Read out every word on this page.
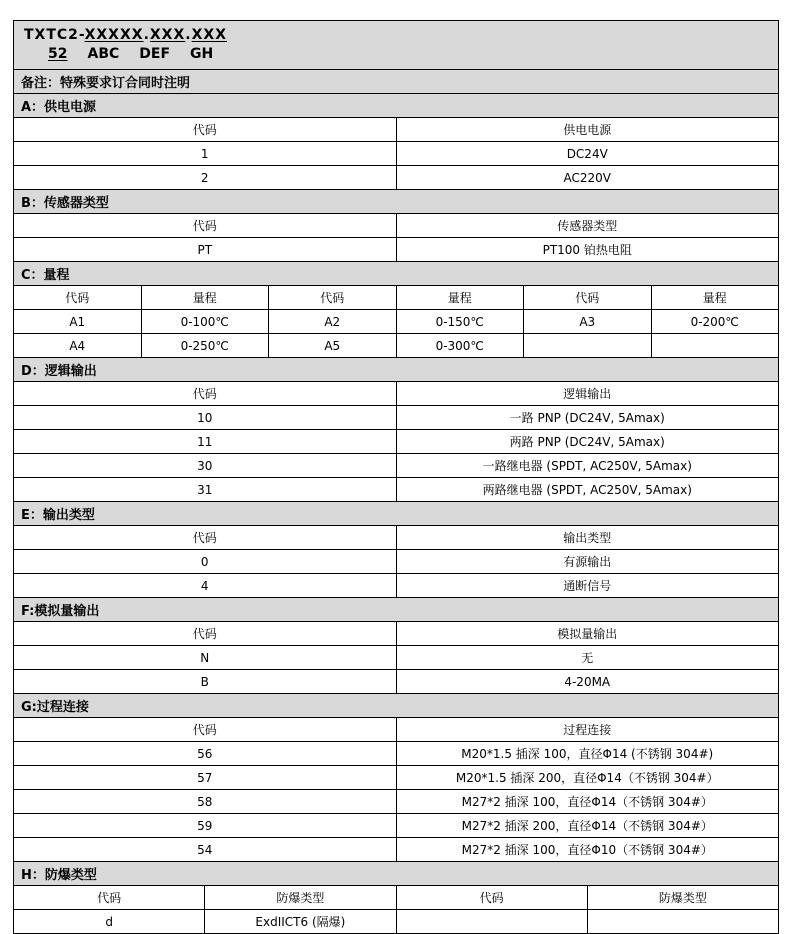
TXTC2-XXXXX.XXX.XXX
52 ABC DEF GH							

备注：特殊要求订合同时注明							
A：供电电源							
代码				供电电源			
1				DC24V			
2				AC220V			
B：传感器类型							
代码				传感器类型			
PT				PT100 铂热电阻			
C：量程							
代码	量程		代码	量程	代码		量程
A1	0-100℃		A2	0-150℃	A3		0-200℃
A4	0-250℃		A5	0-300℃			
D：逻辑输出							
代码				逻辑输出			
10				一路 PNP (DC24V, 5Amax)			
11				两路 PNP (DC24V, 5Amax)			
30				一路继电器 (SPDT, AC250V, 5Amax)			
31				两路继电器 (SPDT, AC250V, 5Amax)			
E：输出类型							
代码				输出类型			
0				有源输出			
4				通断信号			
F:模拟量输出							
代码				模拟量输出			
N				无			
B				4-20MA			
G:过程连接							
代码				过程连接			
56				M20*1.5 插深 100，直径Φ14 (不锈钢 304#)			
57				M20*1.5 插深 200，直径Φ14（不锈钢 304#）			
58				M27*2 插深 100，直径Φ14（不锈钢 304#）			
59				M27*2 插深 200，直径Φ14（不锈钢 304#）			
54				M27*2 插深 100，直径Φ10（不锈钢 304#）			
H：防爆类型							
代码		防爆类型		代码		防爆类型	
d		ExdIICT6 (隔爆)					
